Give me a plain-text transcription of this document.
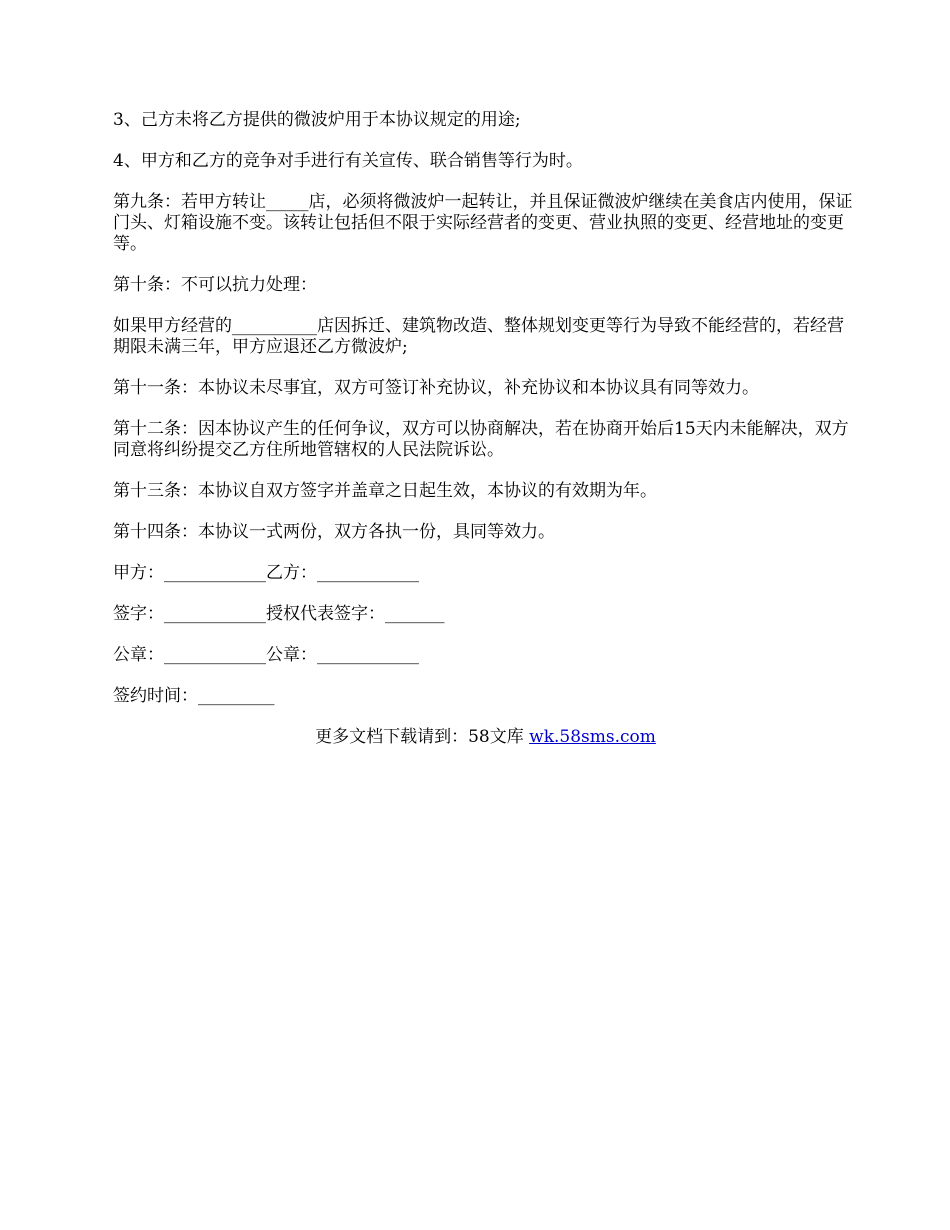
3、己方未将乙方提供的微波炉用于本协议规定的用途;

4、甲方和乙方的竞争对手进行有关宣传、联合销售等行为时。

第九条：若甲方转让_____店，必须将微波炉一起转让，并且保证微波炉继续在美食店内使用，保证门头、灯箱设施不变。该转让包括但不限于实际经营者的变更、营业执照的变更、经营地址的变更等。

第十条：不可以抗力处理：

如果甲方经营的__________店因拆迁、建筑物改造、整体规划变更等行为导致不能经营的，若经营期限未满三年，甲方应退还乙方微波炉;

第十一条：本协议未尽事宜，双方可签订补充协议，补充协议和本协议具有同等效力。

第十二条：因本协议产生的任何争议，双方可以协商解决，若在协商开始后15天内未能解决，双方同意将纠纷提交乙方住所地管辖权的人民法院诉讼。

第十三条：本协议自双方签字并盖章之日起生效，本协议的有效期为年。

第十四条：本协议一式两份，双方各执一份，具同等效力。

甲方：____________乙方：____________

签字：____________授权代表签字：_______

公章：____________公章：____________

签约时间：_________

更多文档下载请到：58文库 wk.58sms.com
